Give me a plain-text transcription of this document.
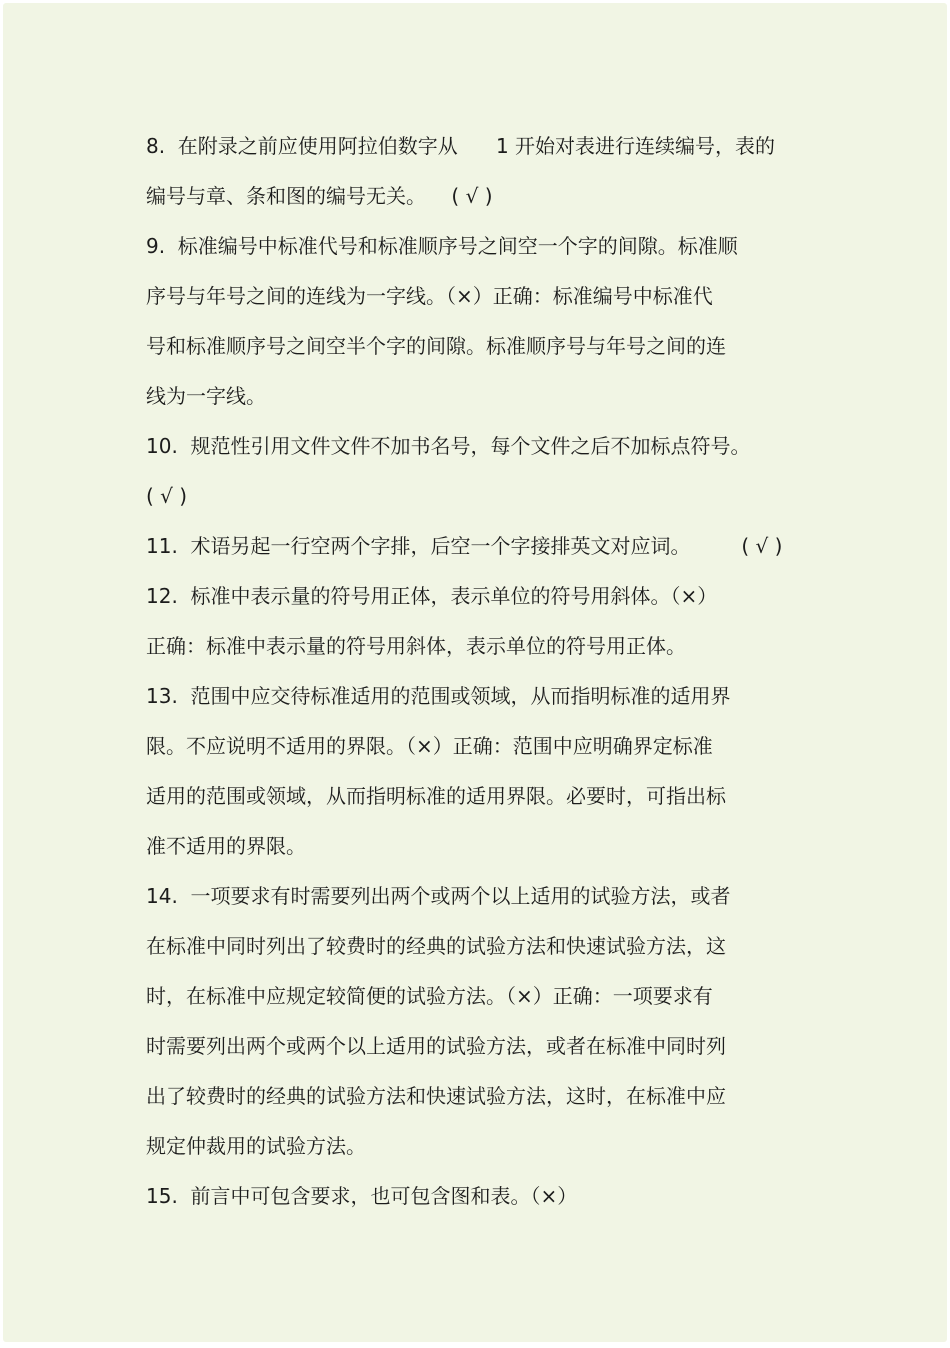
8.  在附录之前应使用阿拉伯数字从      1 开始对表进行连续编号，表的
编号与章、条和图的编号无关。    ( √ )
9.  标准编号中标准代号和标准顺序号之间空一个字的间隙。标准顺
序号与年号之间的连线为一字线。（×）正确：标准编号中标准代
号和标准顺序号之间空半个字的间隙。标准顺序号与年号之间的连
线为一字线。
10.  规范性引用文件文件不加书名号，每个文件之后不加标点符号。
( √ )
11.  术语另起一行空两个字排，后空一个字接排英文对应词。        ( √ )
12.  标准中表示量的符号用正体，表示单位的符号用斜体。（×）
正确：标准中表示量的符号用斜体，表示单位的符号用正体。
13.  范围中应交待标准适用的范围或领域，从而指明标准的适用界
限。不应说明不适用的界限。（×）正确：范围中应明确界定标准
适用的范围或领域，从而指明标准的适用界限。必要时，可指出标
准不适用的界限。
14.  一项要求有时需要列出两个或两个以上适用的试验方法，或者
在标准中同时列出了较费时的经典的试验方法和快速试验方法，这
时，在标准中应规定较简便的试验方法。（×）正确：一项要求有
时需要列出两个或两个以上适用的试验方法，或者在标准中同时列
出了较费时的经典的试验方法和快速试验方法，这时，在标准中应
规定仲裁用的试验方法。
15.  前言中可包含要求，也可包含图和表。（×）
